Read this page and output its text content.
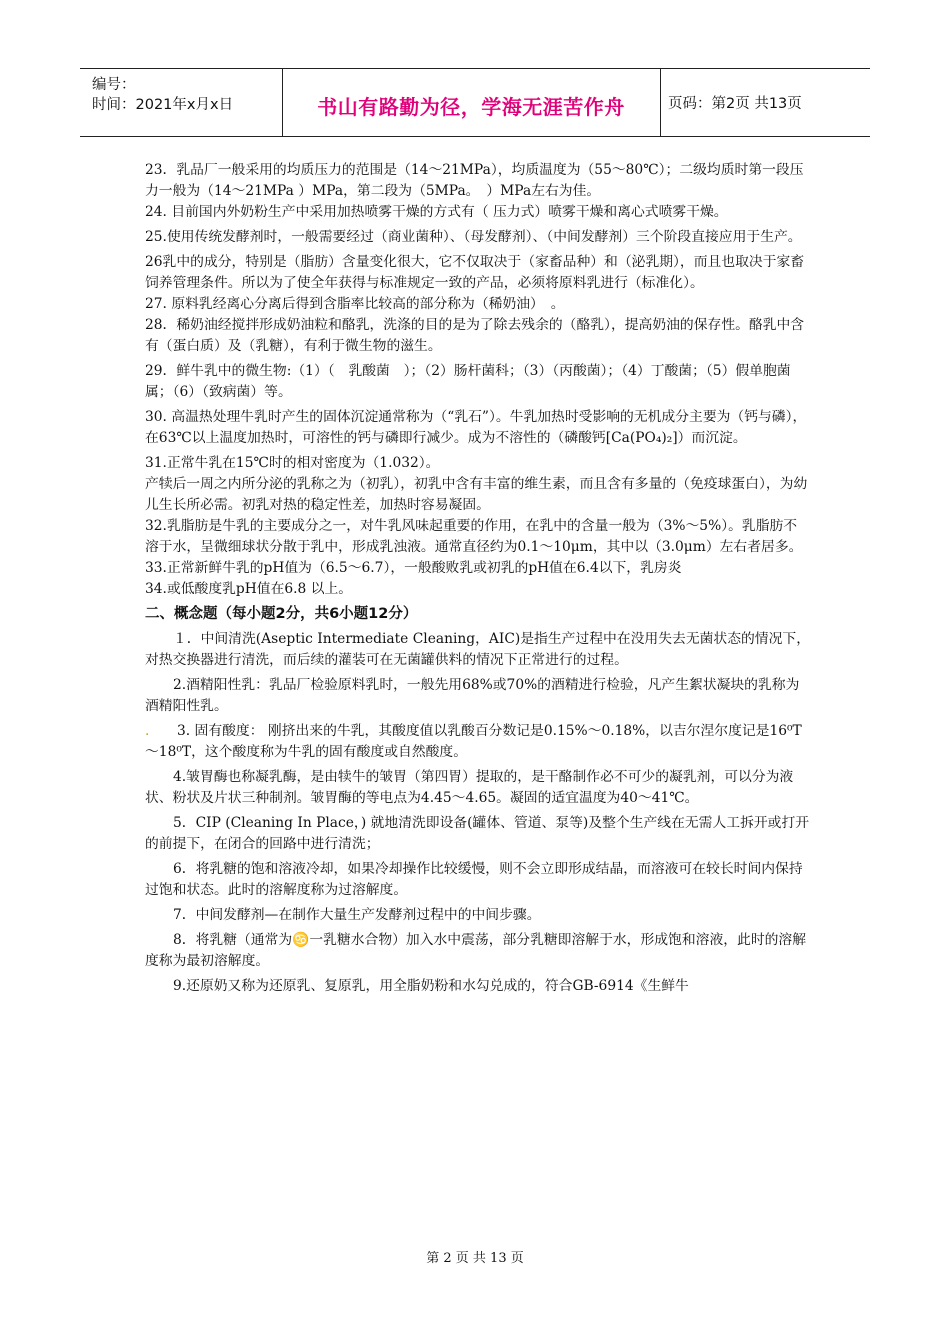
编号：
时间：2021年x月x日	书山有路勤为径，学海无涯苦作舟	页码：第2页 共13页

23．乳品厂一般采用的均质压力的范围是（14～21MPa），均质温度为（55～80℃）；二级均质时第一段压力一般为（14～21MPa ）MPa，第二段为（5MPa。　）MPa左右为佳。

24. 目前国内外奶粉生产中采用加热喷雾干燥的方式有（ 压力式）喷雾干燥和离心式喷雾干燥。

25.使用传统发酵剂时，一般需要经过（商业菌种）、（母发酵剂）、（中间发酵剂）三个阶段直接应用于生产。

26乳中的成分，特别是（脂肪）含量变化很大，它不仅取决于（家畜品种）和（泌乳期），而且也取决于家畜饲养管理条件。所以为了使全年获得与标准规定一致的产品，必须将原料乳进行（标准化）。

27. 原料乳经离心分离后得到含脂率比较高的部分称为（稀奶油）　。

28．稀奶油经搅拌形成奶油粒和酪乳，洗涤的目的是为了除去残余的（酪乳），提高奶油的保存性。酪乳中含有（蛋白质）及（乳糖），有利于微生物的滋生。

29．鲜牛乳中的微生物:（1）（　乳酸菌　）；（2）肠杆菌科；（3）（丙酸菌）；（4）丁酸菌；（5）假单胞菌属；（6）（致病菌）等。

30. 高温热处理牛乳时产生的固体沉淀通常称为（“乳石”）。牛乳加热时受影响的无机成分主要为（钙与磷），在63℃以上温度加热时，可溶性的钙与磷即行减少。成为不溶性的（磷酸钙[Ca(PO₄)₂]）而沉淀。

31.正常牛乳在15℃时的相对密度为（1.032）。

产犊后一周之内所分泌的乳称之为（初乳），初乳中含有丰富的维生素，而且含有多量的（免疫球蛋白），为幼儿生长所必需。初乳对热的稳定性差，加热时容易凝固。

32.乳脂肪是牛乳的主要成分之一，对牛乳风味起重要的作用，在乳中的含量一般为（3%～5%）。乳脂肪不溶于水，呈微细球状分散于乳中，形成乳浊液。通常直径约为0.1～10μm，其中以（3.0μm）左右者居多。

33.正常新鲜牛乳的pH值为（6.5～6.7），一般酸败乳或初乳的pH值在6.4以下，乳房炎

34.或低酸度乳pH值在6.8 以上。

二、概念题（每小题2分，共6小题12分）

１．中间清洗(Aseptic Intermediate Cleaning，AIC)是指生产过程中在没用失去无菌状态的情况下，对热交换器进行清洗，而后续的灌装可在无菌罐供料的情况下正常进行的过程。

2.酒精阳性乳：乳品厂检验原料乳时，一般先用68%或70%的酒精进行检验，凡产生絮状凝块的乳称为酒精阳性乳。

.   3. 固有酸度： 刚挤出来的牛乳，其酸度值以乳酸百分数记是0.15%～0.18%，以吉尔涅尔度记是16⁰T～18⁰T，这个酸度称为牛乳的固有酸度或自然酸度。

4.皱胃酶也称凝乳酶，是由犊牛的皱胃（第四胃）提取的，是干酪制作必不可少的凝乳剂，可以分为液状、粉状及片状三种制剂。皱胃酶的等电点为4.45～4.65。凝固的适宜温度为40～41℃。

5．CIP (Cleaning In Place，) 就地清洗即设备(罐体、管道、泵等)及整个生产线在无需人工拆开或打开的前提下，在闭合的回路中进行清洗；

6．将乳糖的饱和溶液冷却，如果冷却操作比较缓慢，则不会立即形成结晶，而溶液可在较长时间内保持过饱和状态。此时的溶解度称为过溶解度。

7．中间发酵剂—在制作大量生产发酵剂过程中的中间步骤。

8．将乳糖（通常为♋一乳糖水合物）加入水中震荡，部分乳糖即溶解于水，形成饱和溶液，此时的溶解度称为最初溶解度。

9.还原奶又称为还原乳、复原乳，用全脂奶粉和水勾兑成的，符合GB-6914《生鲜牛

第 2 页 共 13 页
